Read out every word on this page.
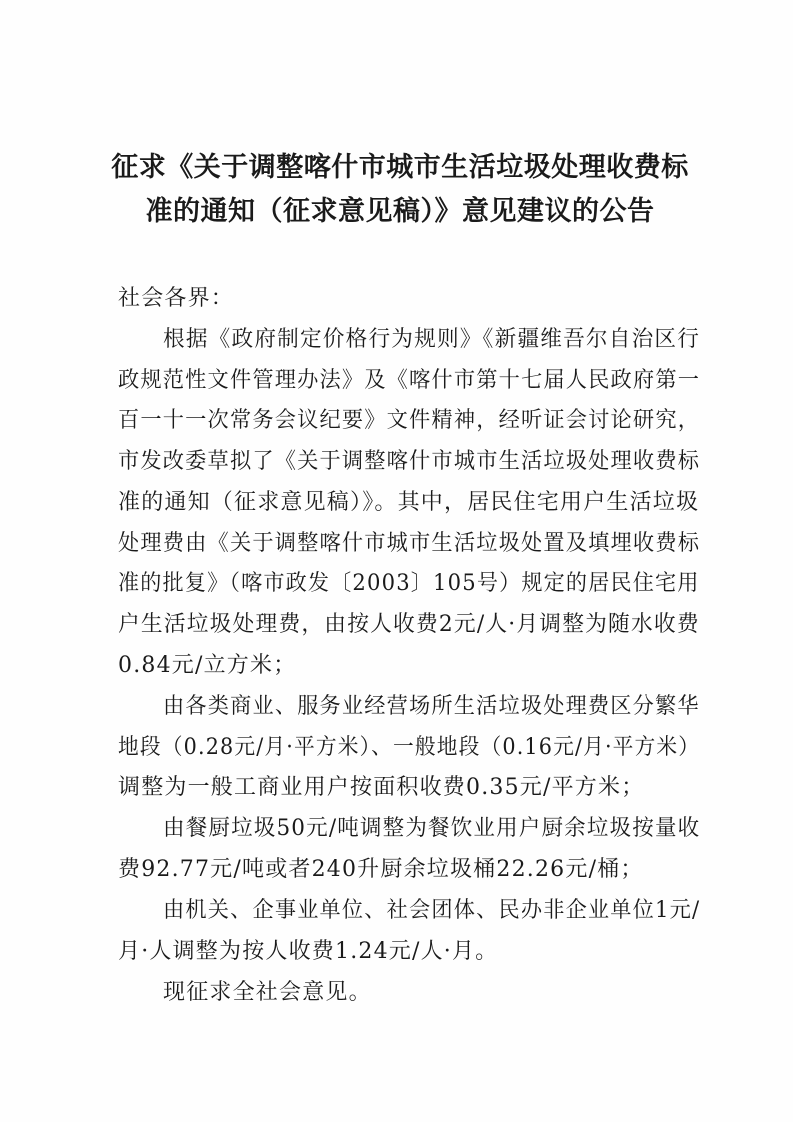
征求《关于调整喀什市城市生活垃圾处理收费标
准的通知（征求意见稿）》意见建议的公告
社会各界：
根据《政府制定价格行为规则》《新疆维吾尔自治区行
政规范性文件管理办法》及《喀什市第十七届人民政府第一
百一十一次常务会议纪要》文件精神，经听证会讨论研究，
市发改委草拟了《关于调整喀什市城市生活垃圾处理收费标
准的通知（征求意见稿）》。其中，居民住宅用户生活垃圾
处理费由《关于调整喀什市城市生活垃圾处置及填埋收费标
准的批复》（喀市政发〔2003〕105号）规定的居民住宅用
户生活垃圾处理费，由按人收费2元/人·月调整为随水收费
0.84元/立方米；
由各类商业、服务业经营场所生活垃圾处理费区分繁华
地段（0.28元/月·平方米）、一般地段（0.16元/月·平方米）
调整为一般工商业用户按面积收费0.35元/平方米；
由餐厨垃圾50元/吨调整为餐饮业用户厨余垃圾按量收
费92.77元/吨或者240升厨余垃圾桶22.26元/桶；
由机关、企事业单位、社会团体、民办非企业单位1元/
月·人调整为按人收费1.24元/人·月。
现征求全社会意见。
